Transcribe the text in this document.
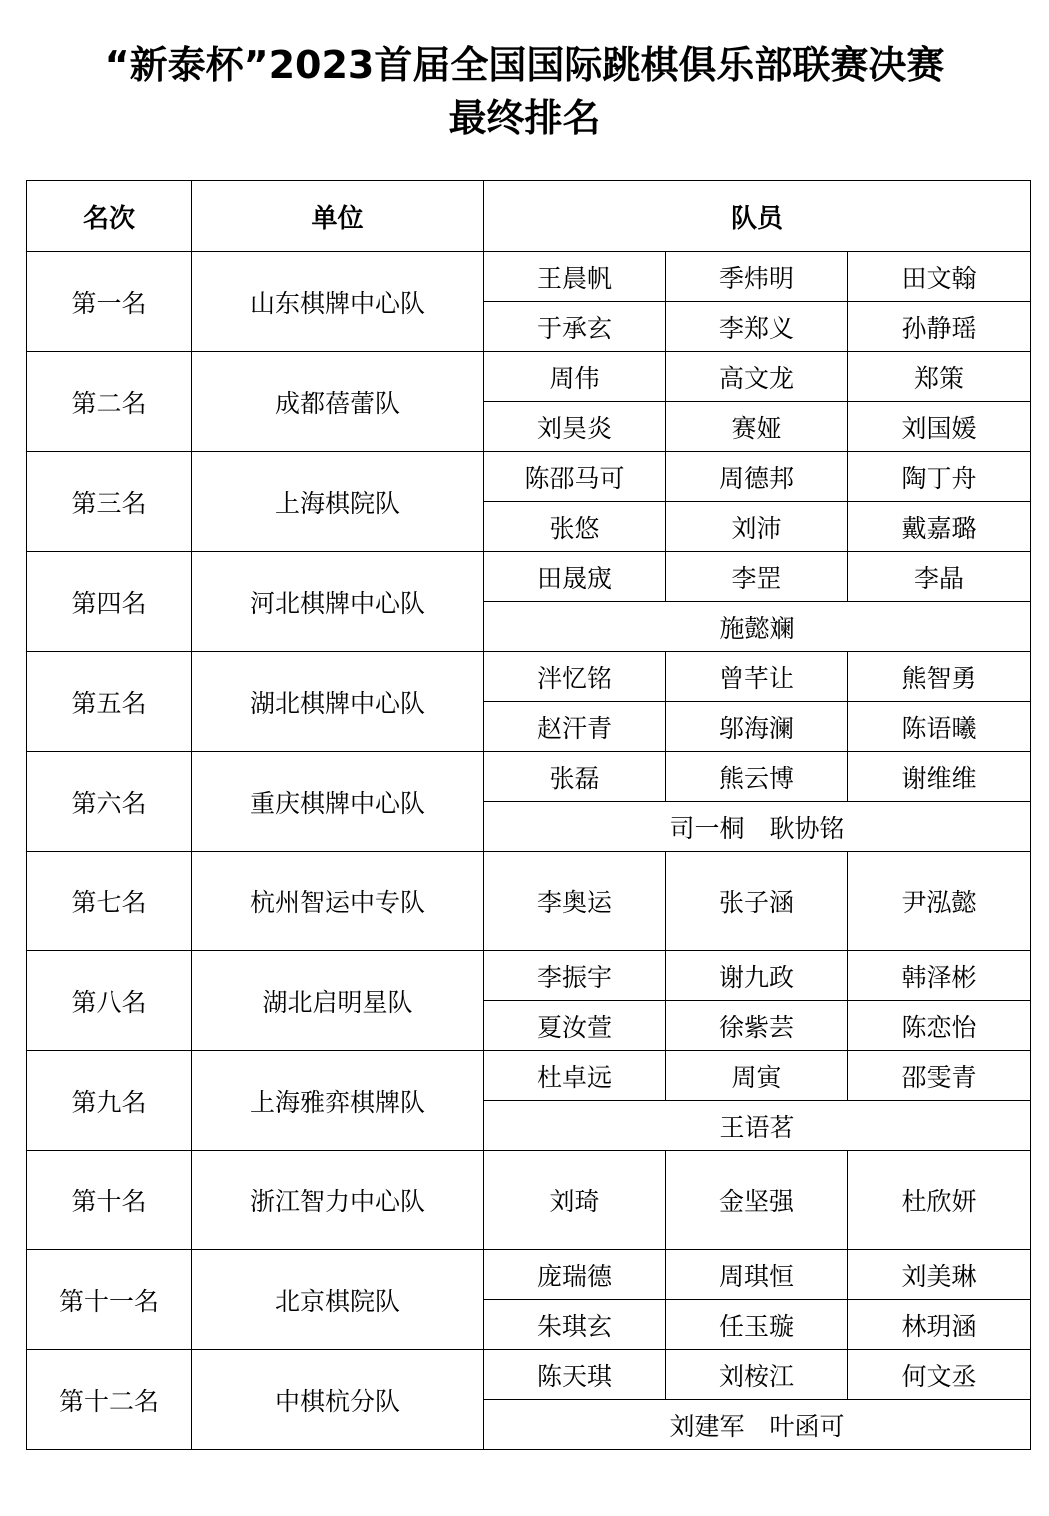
“新泰杯”2023首届全国国际跳棋俱乐部联赛决赛
最终排名
名次	单位	队员		
第一名	山东棋牌中心队	王晨帆	季炜明	田文翰
		于承玄	李郑义	孙静瑶
第二名	成都蓓蕾队	周伟	高文龙	郑策
		刘昊炎	赛娅	刘国媛
第三名	上海棋院队	陈邵马可	周德邦	陶丁舟
		张悠	刘沛	戴嘉璐
第四名	河北棋牌中心队	田晟宬	李罡	李晶
		施懿斓		
第五名	湖北棋牌中心队	泮忆铭	曾芊让	熊智勇
		赵汗青	邬海澜	陈语曦
第六名	重庆棋牌中心队	张磊	熊云博	谢维维
		司一桐　耿协铭		
第七名	杭州智运中专队	李奥运	张子涵	尹泓懿
第八名	湖北启明星队	李振宇	谢九政	韩泽彬
		夏汝萱	徐紫芸	陈恋怡
第九名	上海雅弈棋牌队	杜卓远	周寅	邵雯青
		王语茗		
第十名	浙江智力中心队	刘琦	金坚强	杜欣妍
第十一名	北京棋院队	庞瑞德	周琪恒	刘美琳
		朱琪玄	任玉璇	林玥涵
第十二名	中棋杭分队	陈天琪	刘桉江	何文丞
		刘建军　叶函可		
